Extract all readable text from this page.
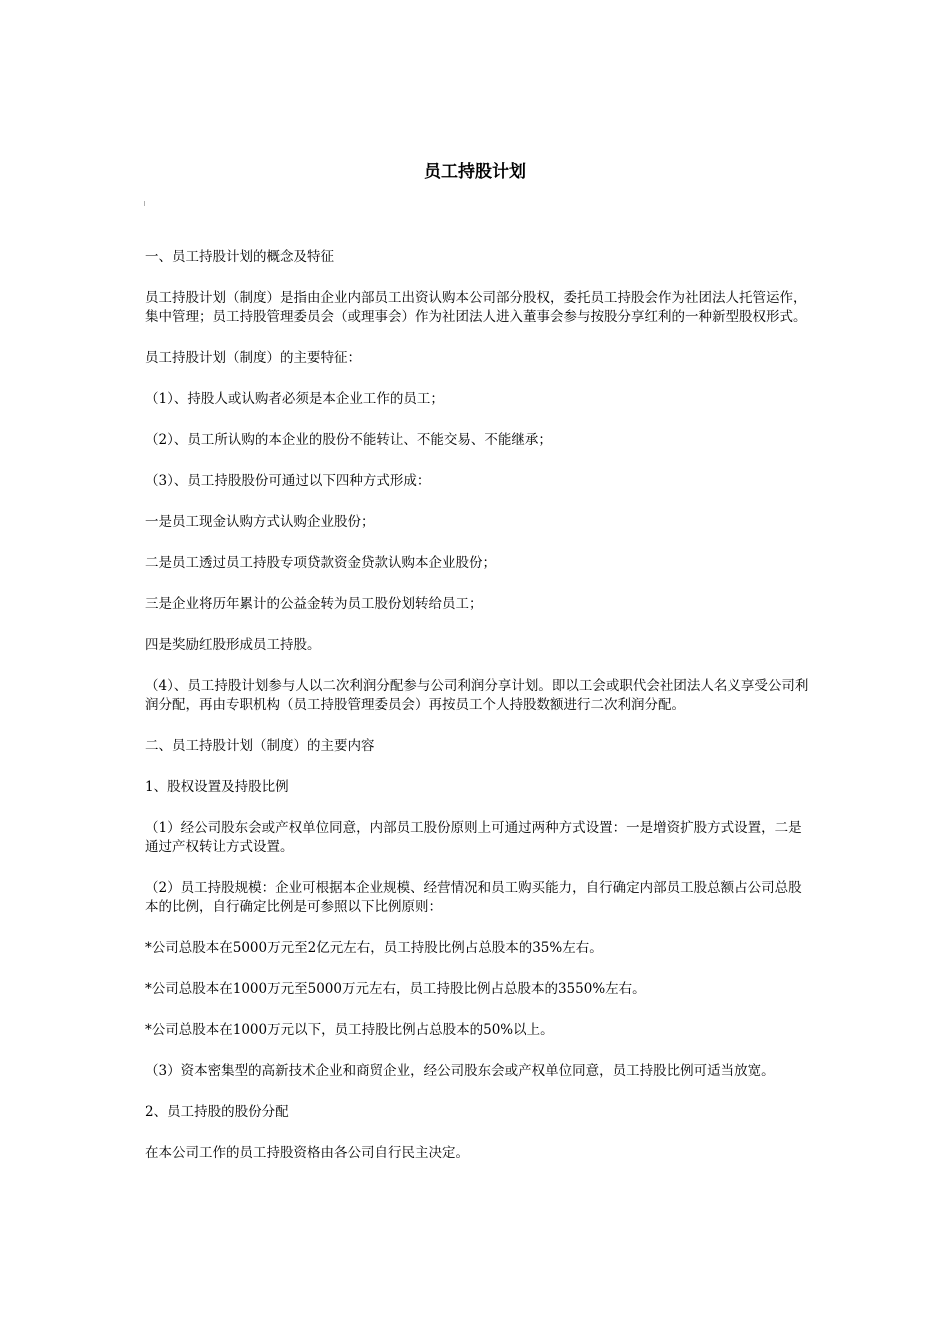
员工持股计划

一、员工持股计划的概念及特征

员工持股计划（制度）是指由企业内部员工出资认购本公司部分股权，委托员工持股会作为社团法人托管运作，集中管理；员工持股管理委员会（或理事会）作为社团法人进入董事会参与按股分享红利的一种新型股权形式。

员工持股计划（制度）的主要特征：

（1）、持股人或认购者必须是本企业工作的员工；

（2）、员工所认购的本企业的股份不能转让、不能交易、不能继承；

（3）、员工持股股份可通过以下四种方式形成：

一是员工现金认购方式认购企业股份；

二是员工透过员工持股专项贷款资金贷款认购本企业股份；

三是企业将历年累计的公益金转为员工股份划转给员工；

四是奖励红股形成员工持股。

（4）、员工持股计划参与人以二次利润分配参与公司利润分享计划。即以工会或职代会社团法人名义享受公司利润分配，再由专职机构（员工持股管理委员会）再按员工个人持股数额进行二次利润分配。

二、员工持股计划（制度）的主要内容

1、股权设置及持股比例

（1）经公司股东会或产权单位同意，内部员工股份原则上可通过两种方式设置：一是增资扩股方式设置，二是通过产权转让方式设置。

（2）员工持股规模：企业可根据本企业规模、经营情况和员工购买能力，自行确定内部员工股总额占公司总股本的比例，自行确定比例是可参照以下比例原则：

*公司总股本在5000万元至2亿元左右，员工持股比例占总股本的35%左右。

*公司总股本在1000万元至5000万元左右，员工持股比例占总股本的3550%左右。

*公司总股本在1000万元以下，员工持股比例占总股本的50%以上。

（3）资本密集型的高新技术企业和商贸企业，经公司股东会或产权单位同意，员工持股比例可适当放宽。

2、员工持股的股份分配

在本公司工作的员工持股资格由各公司自行民主决定。
